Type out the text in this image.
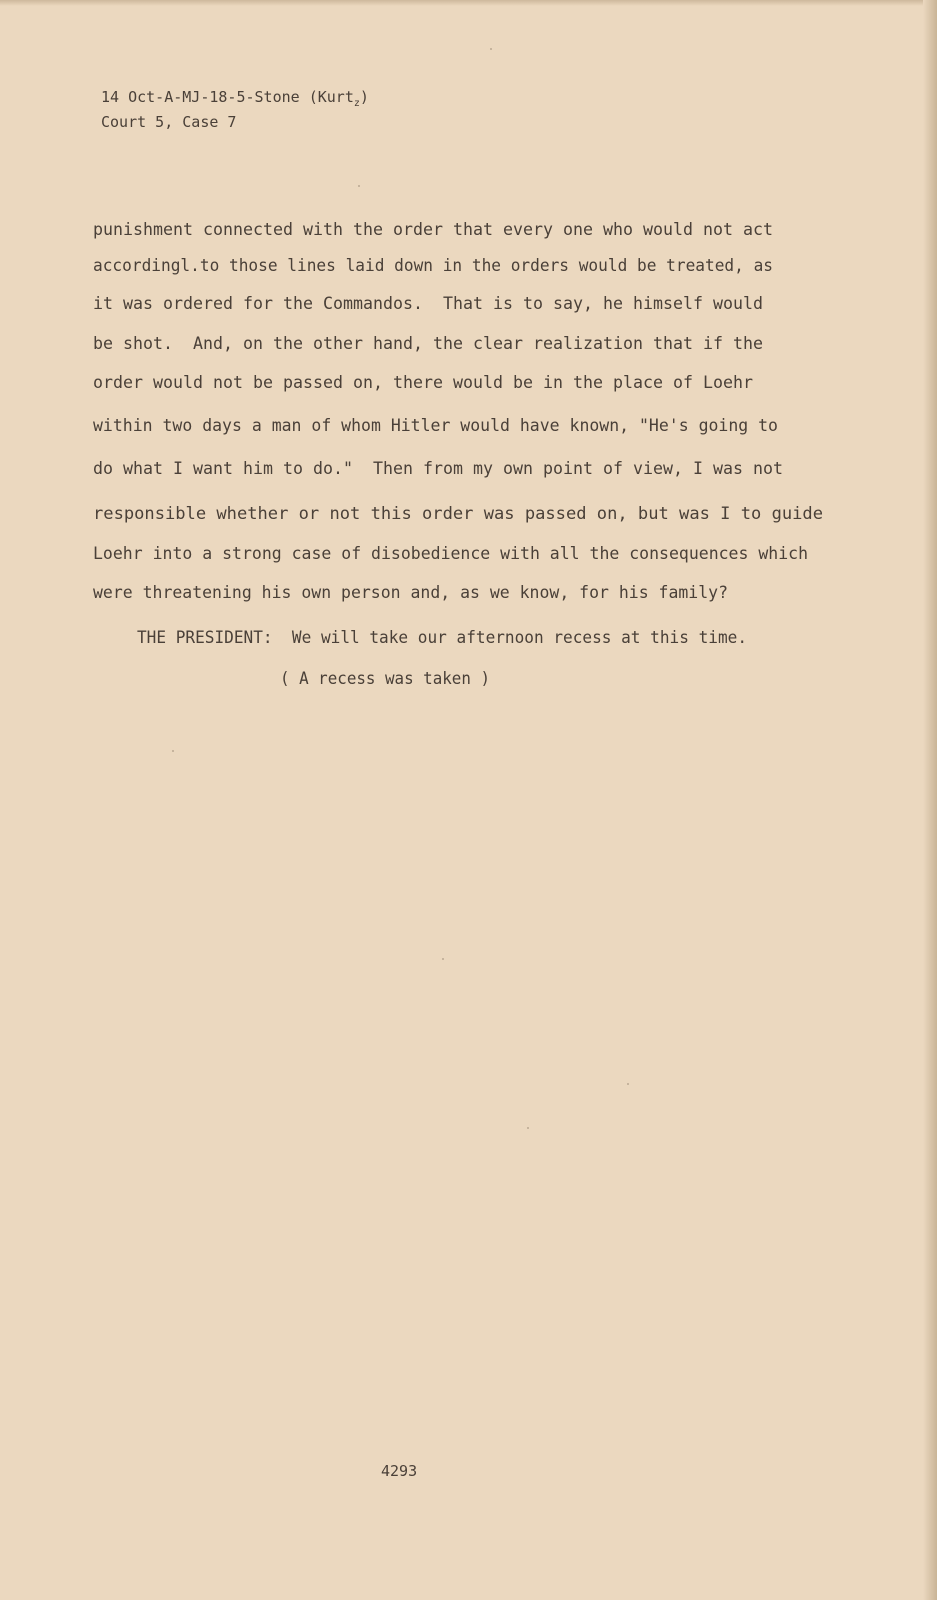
14 Oct-A-MJ-18-5-Stone (Kurt$_z$)
Court 5, Case 7
punishment connected with the order that every one who would not act
accordingl.to those lines laid down in the orders would be treated, as
it was ordered for the Commandos.  That is to say, he himself would
be shot.  And, on the other hand, the clear realization that if the
order would not be passed on, there would be in the place of Loehr
within two days a man of whom Hitler would have known, "He's going to
do what I want him to do."  Then from my own point of view, I was not
responsible whether or not this order was passed on, but was I to guide
Loehr into a strong case of disobedience with all the consequences which
were threatening his own person and, as we know, for his family?
THE PRESIDENT:  We will take our afternoon recess at this time.
( A recess was taken )
4293
